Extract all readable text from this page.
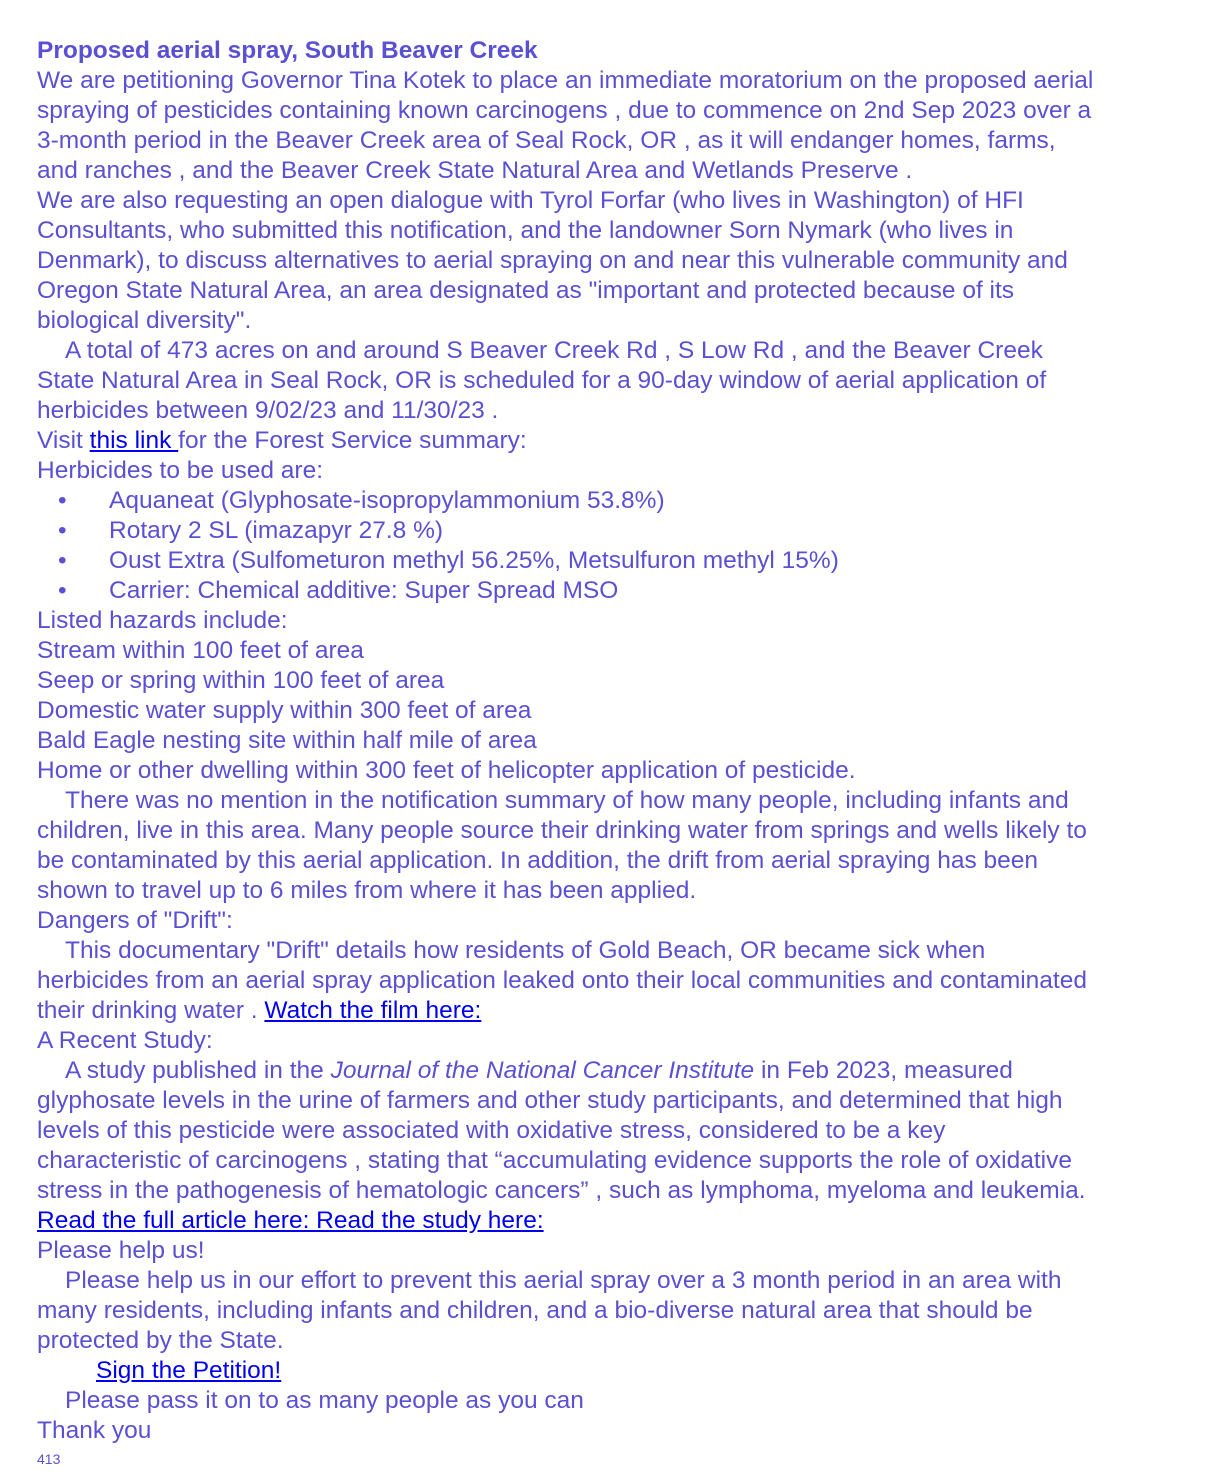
Proposed aerial spray, South Beaver Creek
We are petitioning Governor Tina Kotek to place an immediate moratorium on the proposed aerial
spraying of pesticides containing known carcinogens , due to commence on 2nd Sep 2023 over a
3-month period in the Beaver Creek area of Seal Rock, OR , as it will endanger homes, farms,
and ranches , and the Beaver Creek State Natural Area and Wetlands Preserve .
We are also requesting an open dialogue with Tyrol Forfar (who lives in Washington) of HFI
Consultants, who submitted this notification, and the landowner Sorn Nymark (who lives in
Denmark), to discuss alternatives to aerial spraying on and near this vulnerable community and
Oregon State Natural Area, an area designated as "important and protected because of its
biological diversity".
A total of 473 acres on and around S Beaver Creek Rd , S Low Rd , and the Beaver Creek
State Natural Area in Seal Rock, OR is scheduled for a 90-day window of aerial application of
herbicides between 9/02/23 and 11/30/23 .
Visit this link for the Forest Service summary:
Herbicides to be used are:
• Aquaneat (Glyphosate-isopropylammonium 53.8%)
• Rotary 2 SL (imazapyr 27.8 %)
• Oust Extra (Sulfometuron methyl 56.25%, Metsulfuron methyl 15%)
• Carrier: Chemical additive: Super Spread MSO
Listed hazards include:
Stream within 100 feet of area
Seep or spring within 100 feet of area
Domestic water supply within 300 feet of area
Bald Eagle nesting site within half mile of area
Home or other dwelling within 300 feet of helicopter application of pesticide.
There was no mention in the notification summary of how many people, including infants and
children, live in this area. Many people source their drinking water from springs and wells likely to
be contaminated by this aerial application. In addition, the drift from aerial spraying has been
shown to travel up to 6 miles from where it has been applied.
Dangers of "Drift":
This documentary "Drift" details how residents of Gold Beach, OR became sick when
herbicides from an aerial spray application leaked onto their local communities and contaminated
their drinking water . Watch the film here:
A Recent Study:
A study published in the Journal of the National Cancer Institute in Feb 2023, measured
glyphosate levels in the urine of farmers and other study participants, and determined that high
levels of this pesticide were associated with oxidative stress, considered to be a key
characteristic of carcinogens , stating that “accumulating evidence supports the role of oxidative
stress in the pathogenesis of hematologic cancers” , such as lymphoma, myeloma and leukemia.
Read the full article here: Read the study here:
Please help us!
Please help us in our effort to prevent this aerial spray over a 3 month period in an area with
many residents, including infants and children, and a bio-diverse natural area that should be
protected by the State.
Sign the Petition!
Please pass it on to as many people as you can
Thank you
413
